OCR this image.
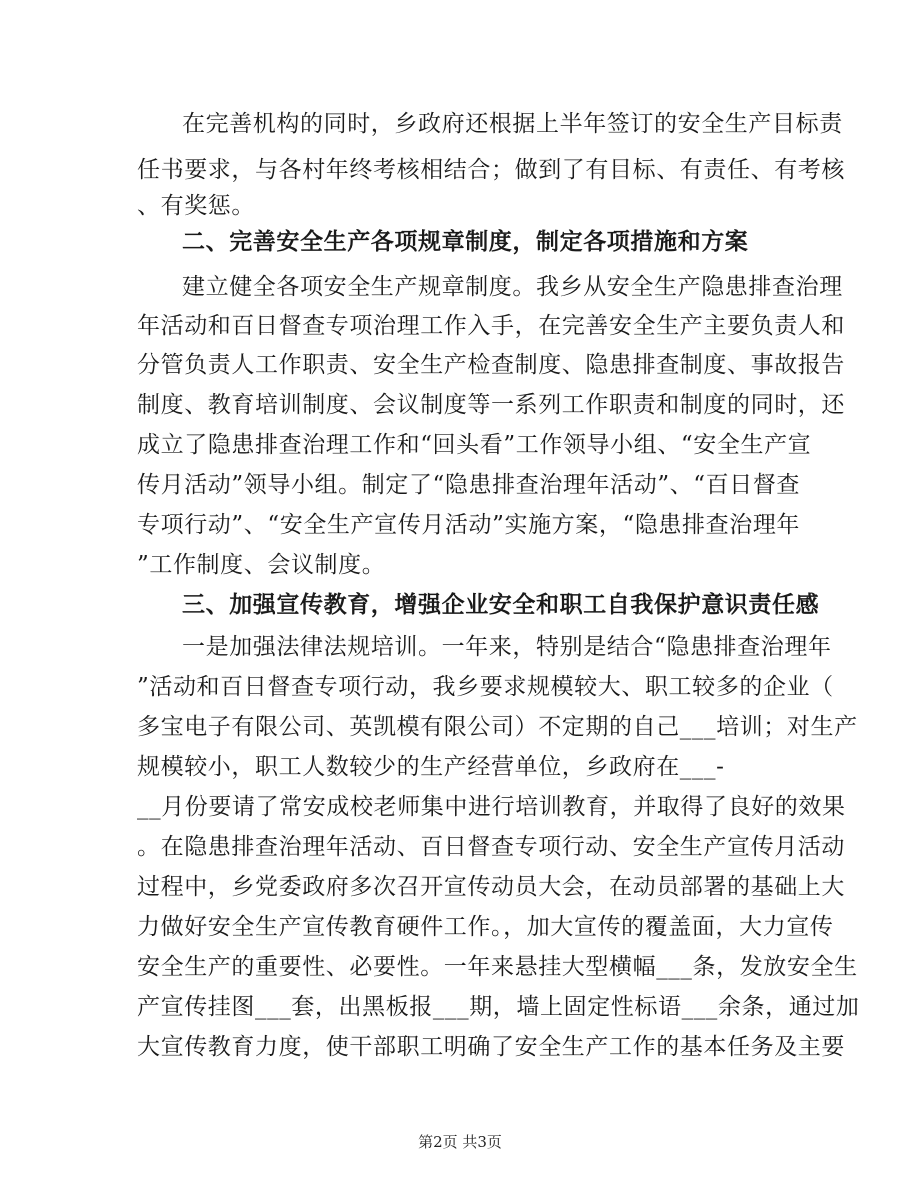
在完善机构的同时，乡政府还根据上半年签订的安全生产目标责
任书要求，与各村年终考核相结合；做到了有目标、有责任、有考核
、有奖惩。
二、完善安全生产各项规章制度，制定各项措施和方案
建立健全各项安全生产规章制度。我乡从安全生产隐患排查治理
年活动和百日督查专项治理工作入手，在完善安全生产主要负责人和
分管负责人工作职责、安全生产检查制度、隐患排查制度、事故报告
制度、教育培训制度、会议制度等一系列工作职责和制度的同时，还
成立了隐患排查治理工作和“回头看”工作领导小组、“安全生产宣
传月活动”领导小组。制定了“隐患排查治理年活动”、“百日督查
专项行动”、“安全生产宣传月活动”实施方案，“隐患排查治理年
”工作制度、会议制度。
三、加强宣传教育，增强企业安全和职工自我保护意识责任感
一是加强法律法规培训。一年来，特别是结合“隐患排查治理年
”活动和百日督查专项行动，我乡要求规模较大、职工较多的企业（
多宝电子有限公司、英凯模有限公司）不定期的自己___培训；对生产
规模较小，职工人数较少的生产经营单位，乡政府在___-
__月份要请了常安成校老师集中进行培训教育，并取得了良好的效果
。在隐患排查治理年活动、百日督查专项行动、安全生产宣传月活动
过程中，乡党委政府多次召开宣传动员大会，在动员部署的基础上大
力做好安全生产宣传教育硬件工作。，加大宣传的覆盖面，大力宣传
安全生产的重要性、必要性。一年来悬挂大型横幅___条，发放安全生
产宣传挂图___套，出黑板报___期，墙上固定性标语___余条，通过加
大宣传教育力度，使干部职工明确了安全生产工作的基本任务及主要
第2页 共3页
